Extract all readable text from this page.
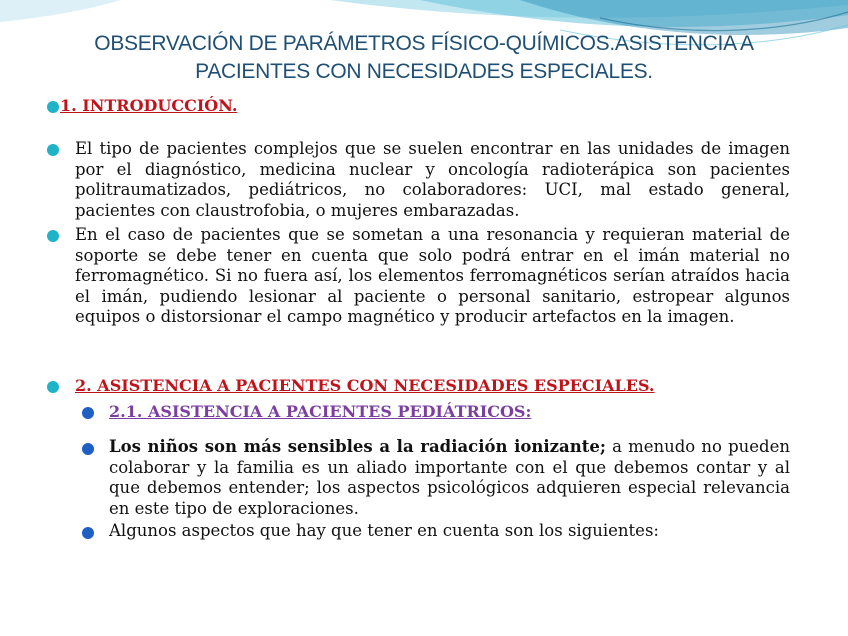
OBSERVACIÓN DE PARÁMETROS FÍSICO-QUÍMICOS.ASISTENCIA A
PACIENTES CON NECESIDADES ESPECIALES.
1. INTRODUCCIÓN.
El tipo de pacientes complejos que se suelen encontrar en las unidades de imagen por el diagnóstico, medicina nuclear y oncología radioterápica son pacientes politraumatizados, pediátricos, no colaboradores: UCI, mal estado general, pacientes con claustrofobia, o mujeres embarazadas.
En el caso de pacientes que se sometan a una resonancia y requieran material de soporte se debe tener en cuenta que solo podrá entrar en el imán material no ferromagnético. Si no fuera así, los elementos ferromagnéticos serían atraídos hacia el imán, pudiendo lesionar al paciente o personal sanitario, estropear algunos equipos o distorsionar el campo magnético y producir artefactos en la imagen.
2. ASISTENCIA A PACIENTES CON NECESIDADES ESPECIALES.
2.1. ASISTENCIA A PACIENTES PEDIÁTRICOS:
Los niños son más sensibles a la radiación ionizante; a menudo no pueden colaborar y la familia es un aliado importante con el que debemos contar y al que debemos entender; los aspectos psicológicos adquieren especial relevancia en este tipo de exploraciones.
Algunos aspectos que hay que tener en cuenta son los siguientes:
